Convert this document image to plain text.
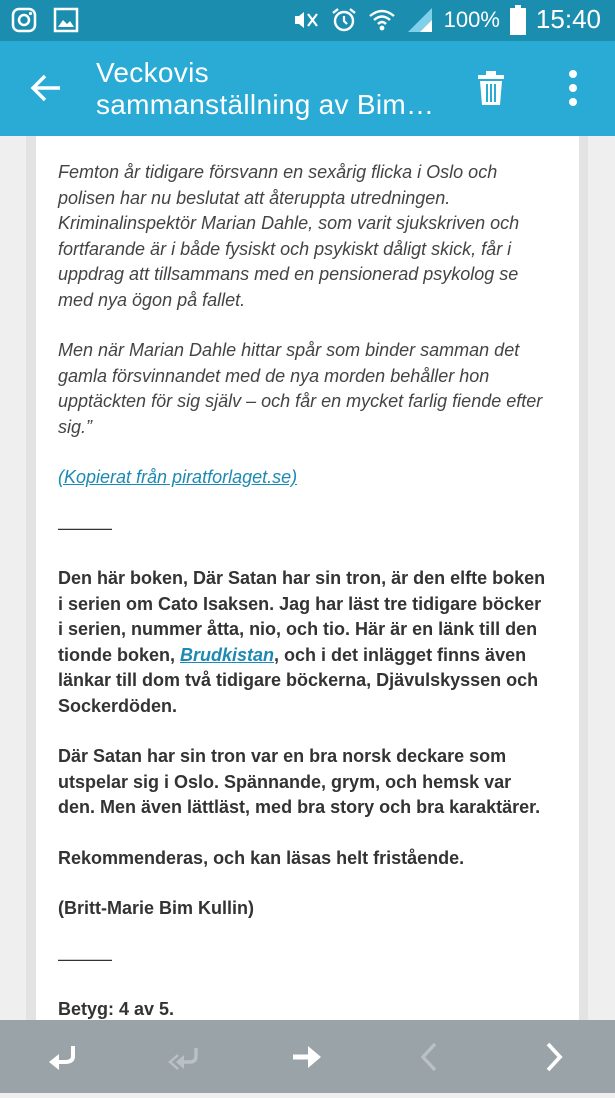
100% 15:40
Veckovis
sammanställning av Bim…

Femton år tidigare försvann en sexårig flicka i Oslo och polisen har nu beslutat att återuppta utredningen. Kriminalinspektör Marian Dahle, som varit sjukskriven och fortfarande är i både fysiskt och psykiskt dåligt skick, får i uppdrag att tillsammans med en pensionerad psykolog se med nya ögon på fallet.

Men när Marian Dahle hittar spår som binder samman det gamla försvinnandet med de nya morden behåller hon upptäckten för sig själv – och får en mycket farlig fiende efter sig.”

(Kopierat från piratforlaget.se)

———

Den här boken, Där Satan har sin tron, är den elfte boken i serien om Cato Isaksen. Jag har läst tre tidigare böcker i serien, nummer åtta, nio, och tio. Här är en länk till den tionde boken, Brudkistan, och i det inlägget finns även länkar till dom två tidigare böckerna, Djävulskyssen och Sockerdöden.

Där Satan har sin tron var en bra norsk deckare som utspelar sig i Oslo. Spännande, grym, och hemsk var den. Men även lättläst, med bra story och bra karaktärer.

Rekommenderas, och kan läsas helt fristående.

(Britt-Marie Bim Kullin)

———

Betyg: 4 av 5.
